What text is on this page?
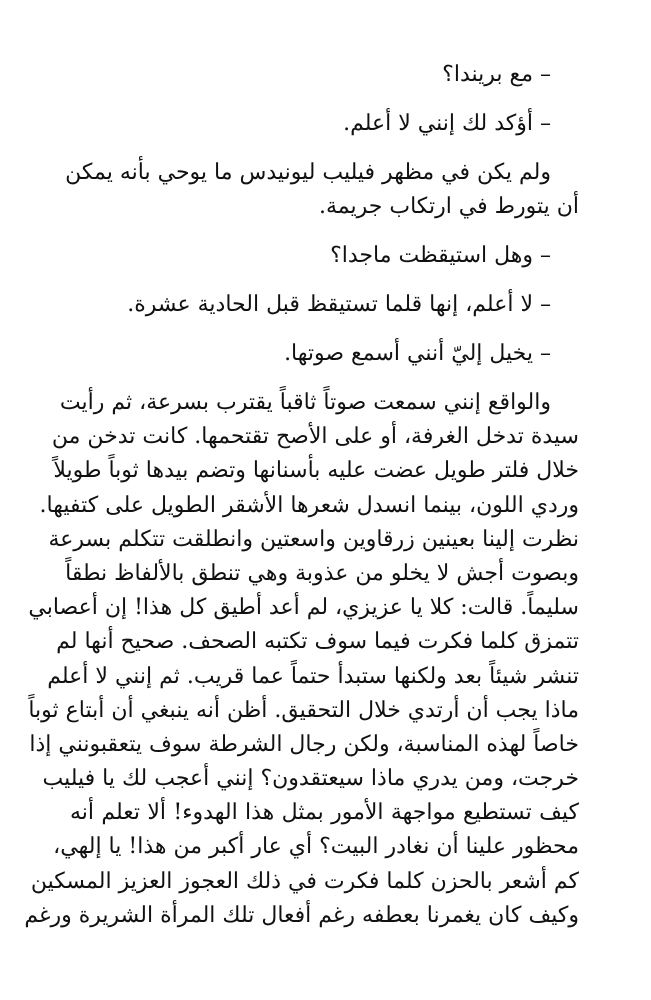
– مع بريندا؟

– أؤكد لك إنني لا أعلم.

ولم يكن في مظهر فيليب ليونيدس ما يوحي بأنه يمكن
أن يتورط في ارتكاب جريمة.

– وهل استيقظت ماجدا؟

– لا أعلم، إنها قلما تستيقظ قبل الحادية عشرة.

– يخيل إليّ أنني أسمع صوتها.

والواقع إنني سمعت صوتاً ثاقباً يقترب بسرعة، ثم رأيت
سيدة تدخل الغرفة، أو على الأصح تقتحمها. كانت تدخن من
خلال فلتر طويل عضت عليه بأسنانها وتضم بيدها ثوباً طويلاً
وردي اللون، بينما انسدل شعرها الأشقر الطويل على كتفيها.
نظرت إلينا بعينين زرقاوين واسعتين وانطلقت تتكلم بسرعة
وبصوت أجش لا يخلو من عذوبة وهي تنطق بالألفاظ نطقاً
سليماً. قالت: كلا يا عزيزي، لم أعد أطيق كل هذا! إن أعصابي
تتمزق كلما فكرت فيما سوف تكتبه الصحف. صحيح أنها لم
تنشر شيئاً بعد ولكنها ستبدأ حتماً عما قريب. ثم إنني لا أعلم
ماذا يجب أن أرتدي خلال التحقيق. أظن أنه ينبغي أن أبتاع ثوباً
خاصاً لهذه المناسبة، ولكن رجال الشرطة سوف يتعقبونني إذا
خرجت، ومن يدري ماذا سيعتقدون؟ إنني أعجب لك يا فيليب
كيف تستطيع مواجهة الأمور بمثل هذا الهدوء! ألا تعلم أنه
محظور علينا أن نغادر البيت؟ أي عار أكبر من هذا! يا إلهي،
كم أشعر بالحزن كلما فكرت في ذلك العجوز العزيز المسكين
وكيف كان يغمرنا بعطفه رغم أفعال تلك المرأة الشريرة ورغم
